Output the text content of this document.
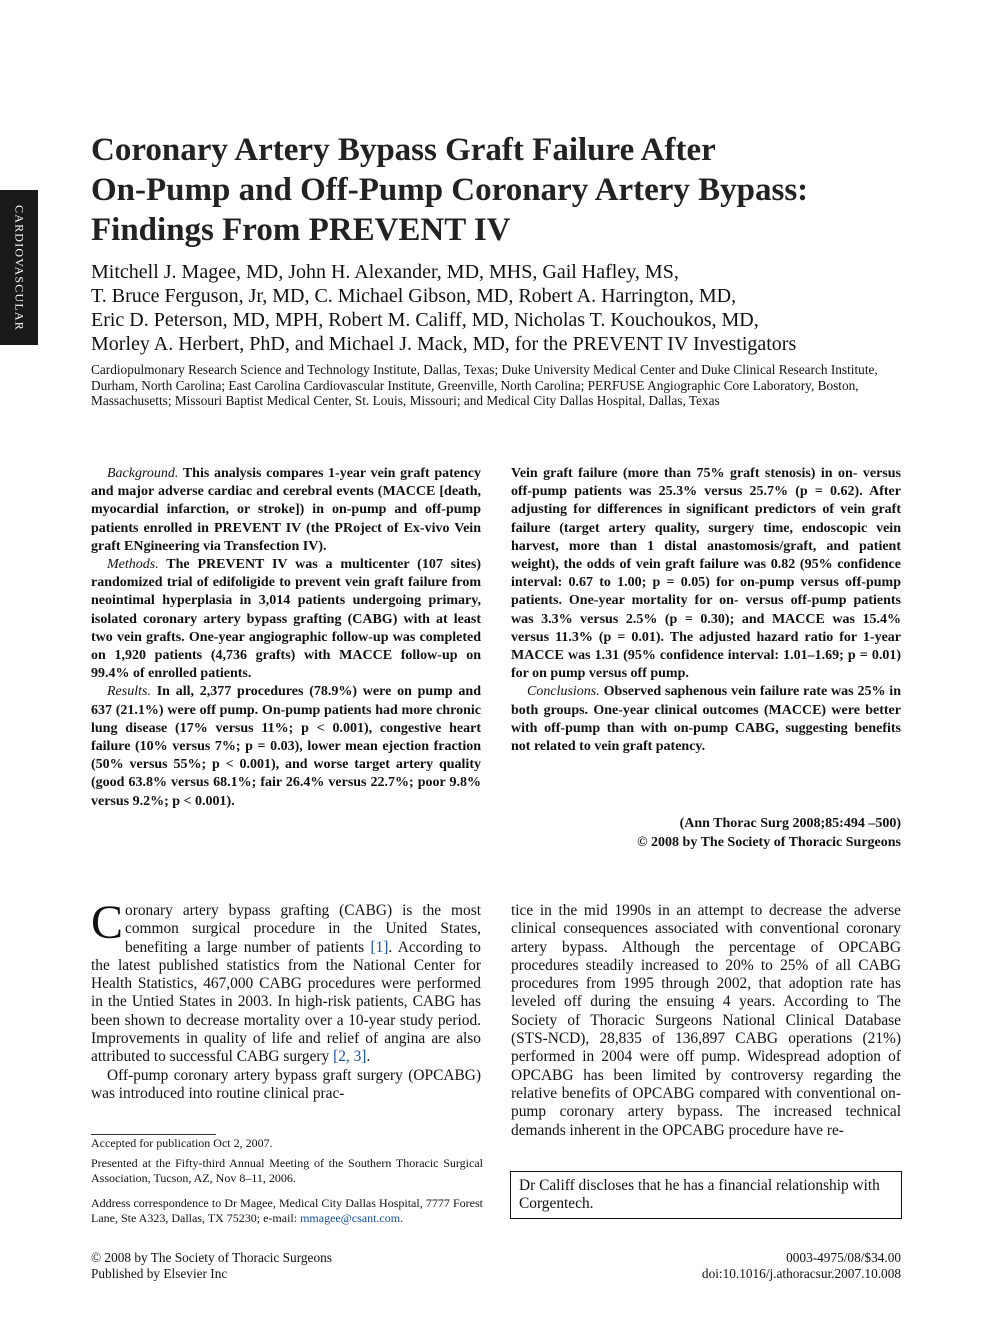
CARDIOVASCULAR
Coronary Artery Bypass Graft Failure After
On-Pump and Off-Pump Coronary Artery Bypass:
Findings From PREVENT IV
Mitchell J. Magee, MD, John H. Alexander, MD, MHS, Gail Hafley, MS,
T. Bruce Ferguson, Jr, MD, C. Michael Gibson, MD, Robert A. Harrington, MD,
Eric D. Peterson, MD, MPH, Robert M. Califf, MD, Nicholas T. Kouchoukos, MD,
Morley A. Herbert, PhD, and Michael J. Mack, MD, for the PREVENT IV Investigators
Cardiopulmonary Research Science and Technology Institute, Dallas, Texas; Duke University Medical Center and Duke Clinical Research Institute, Durham, North Carolina; East Carolina Cardiovascular Institute, Greenville, North Carolina; PERFUSE Angiographic Core Laboratory, Boston, Massachusetts; Missouri Baptist Medical Center, St. Louis, Missouri; and Medical City Dallas Hospital, Dallas, Texas

Background. This analysis compares 1-year vein graft patency and major adverse cardiac and cerebral events (MACCE [death, myocardial infarction, or stroke]) in on-pump and off-pump patients enrolled in PREVENT IV (the PRoject of Ex-vivo Vein graft ENgineering via Transfection IV).

Methods. The PREVENT IV was a multicenter (107 sites) randomized trial of edifoligide to prevent vein graft failure from neointimal hyperplasia in 3,014 patients undergoing primary, isolated coronary artery bypass grafting (CABG) with at least two vein grafts. One-year angiographic follow-up was completed on 1,920 patients (4,736 grafts) with MACCE follow-up on 99.4% of enrolled patients.

Results. In all, 2,377 procedures (78.9%) were on pump and 637 (21.1%) were off pump. On-pump patients had more chronic lung disease (17% versus 11%; p < 0.001), congestive heart failure (10% versus 7%; p = 0.03), lower mean ejection fraction (50% versus 55%; p < 0.001), and worse target artery quality (good 63.8% versus 68.1%; fair 26.4% versus 22.7%; poor 9.8% versus 9.2%; p < 0.001).

Vein graft failure (more than 75% graft stenosis) in on- versus off-pump patients was 25.3% versus 25.7% (p = 0.62). After adjusting for differences in significant predictors of vein graft failure (target artery quality, surgery time, endoscopic vein harvest, more than 1 distal anastomosis/graft, and patient weight), the odds of vein graft failure was 0.82 (95% confidence interval: 0.67 to 1.00; p = 0.05) for on-pump versus off-pump patients. One-year mortality for on- versus off-pump patients was 3.3% versus 2.5% (p = 0.30); and MACCE was 15.4% versus 11.3% (p = 0.01). The adjusted hazard ratio for 1-year MACCE was 1.31 (95% confidence interval: 1.01–1.69; p = 0.01) for on pump versus off pump.

Conclusions. Observed saphenous vein failure rate was 25% in both groups. One-year clinical outcomes (MACCE) were better with off-pump than with on-pump CABG, suggesting benefits not related to vein graft patency.

(Ann Thorac Surg 2008;85:494 –500)
© 2008 by The Society of Thoracic Surgeons

Coronary artery bypass grafting (CABG) is the most common surgical procedure in the United States, benefiting a large number of patients [1]. According to the latest published statistics from the National Center for Health Statistics, 467,000 CABG procedures were performed in the Untied States in 2003. In high-risk patients, CABG has been shown to decrease mortality over a 10-year study period. Improvements in quality of life and relief of angina are also attributed to successful CABG surgery [2, 3].

Off-pump coronary artery bypass graft surgery (OPCABG) was introduced into routine clinical prac-

tice in the mid 1990s in an attempt to decrease the adverse clinical consequences associated with conventional coronary artery bypass. Although the percentage of OPCABG procedures steadily increased to 20% to 25% of all CABG procedures from 1995 through 2002, that adoption rate has leveled off during the ensuing 4 years. According to The Society of Thoracic Surgeons National Clinical Database (STS-NCD), 28,835 of 136,897 CABG operations (21%) performed in 2004 were off pump. Widespread adoption of OPCABG has been limited by controversy regarding the relative benefits of OPCABG compared with conventional on-pump coronary artery bypass. The increased technical demands inherent in the OPCABG procedure have re-

Accepted for publication Oct 2, 2007.
Presented at the Fifty-third Annual Meeting of the Southern Thoracic Surgical Association, Tucson, AZ, Nov 8–11, 2006.
Address correspondence to Dr Magee, Medical City Dallas Hospital, 7777 Forest Lane, Ste A323, Dallas, TX 75230; e-mail: mmagee@csant.com.
Dr Califf discloses that he has a financial relationship with Corgentech.
© 2008 by The Society of Thoracic Surgeons
Published by Elsevier Inc
0003-4975/08/$34.00
doi:10.1016/j.athoracsur.2007.10.008
